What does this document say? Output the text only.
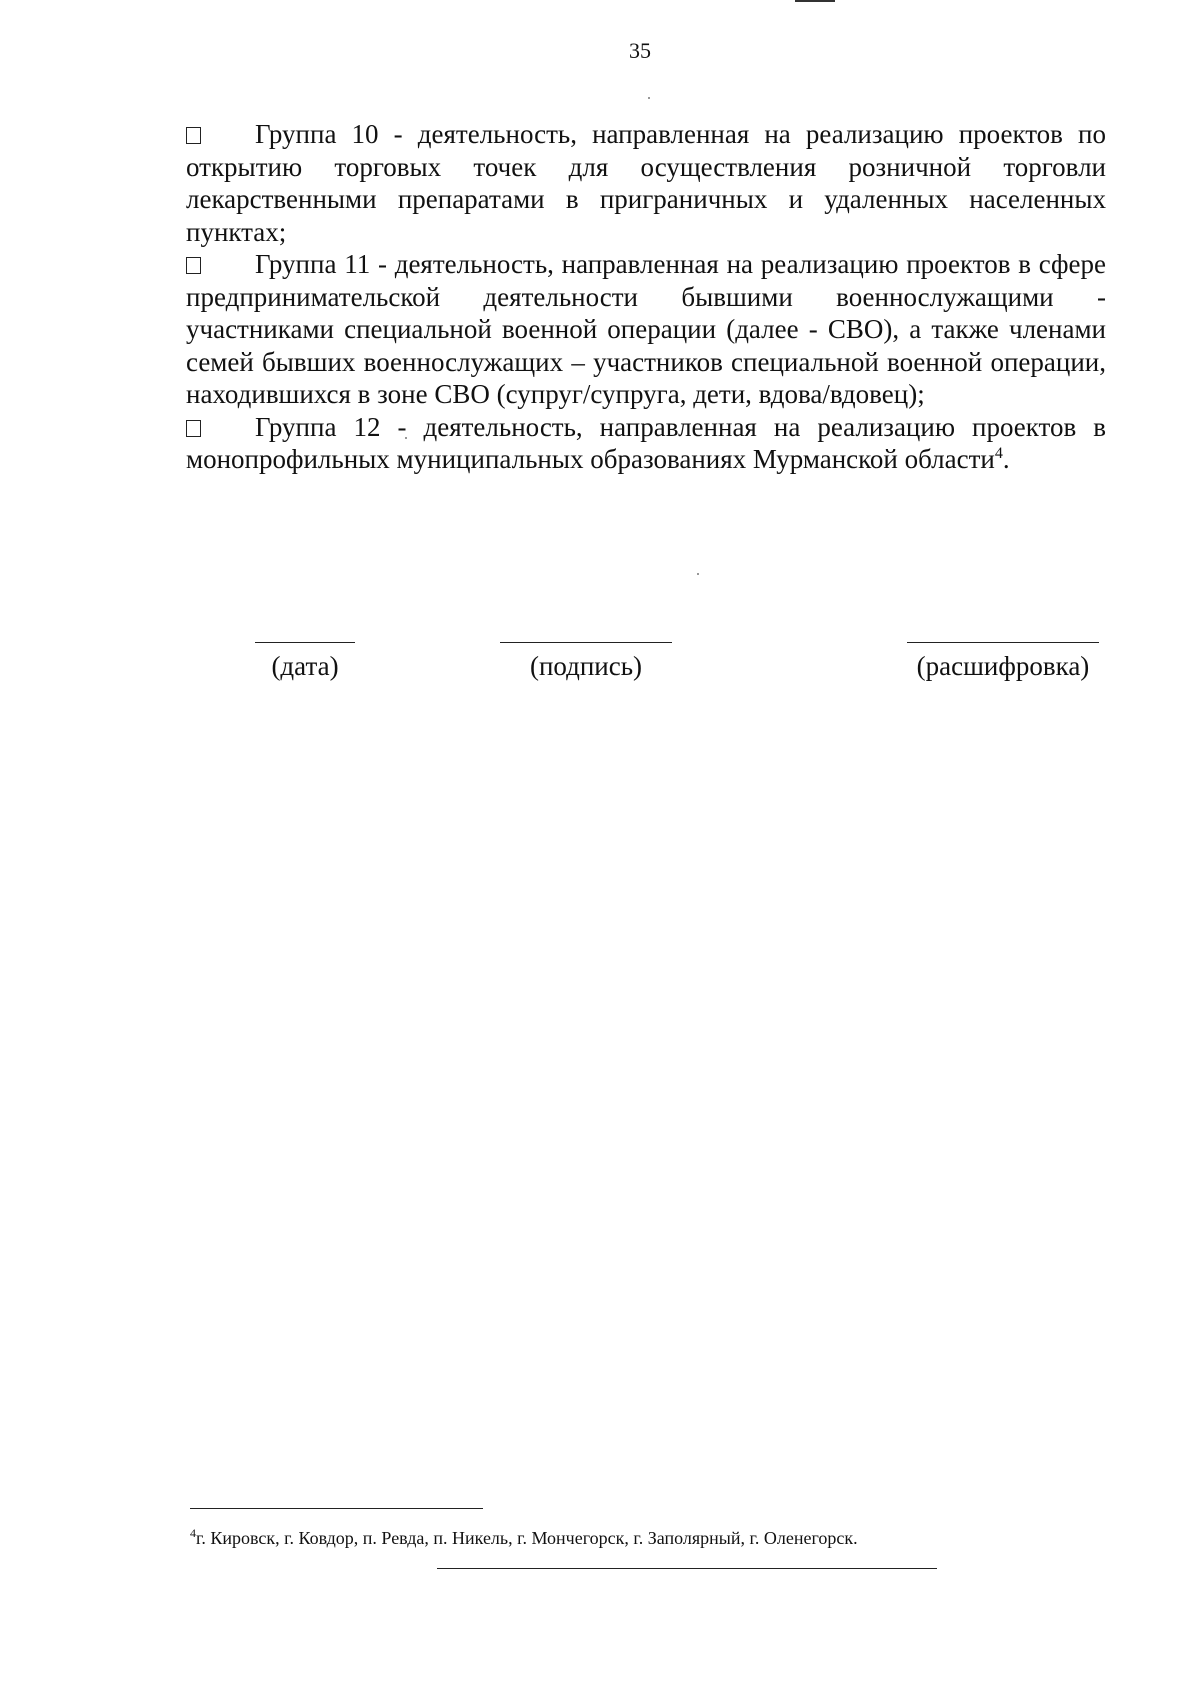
35

Группа 10 - деятельность, направленная на реализацию проектов по открытию торговых точек для осуществления розничной торговли лекарственными препаратами в приграничных и удаленных населенных пунктах;

Группа 11 - деятельность, направленная на реализацию проектов в сфере предпринимательской деятельности бывшими военнослужащими - участниками специальной военной операции (далее - СВО), а также членами семей бывших военнослужащих – участников специальной военной операции, находившихся в зоне СВО (супруг/супруга, дети, вдова/вдовец);

Группа 12 - деятельность, направленная на реализацию проектов в монопрофильных муниципальных образованиях Мурманской области$^4$.

(дата)	(подпись)	(расшифровка)
$^4$г. Кировск, г. Ковдор, п. Ревда, п. Никель, г. Мончегорск, г. Заполярный, г. Оленегорск.
